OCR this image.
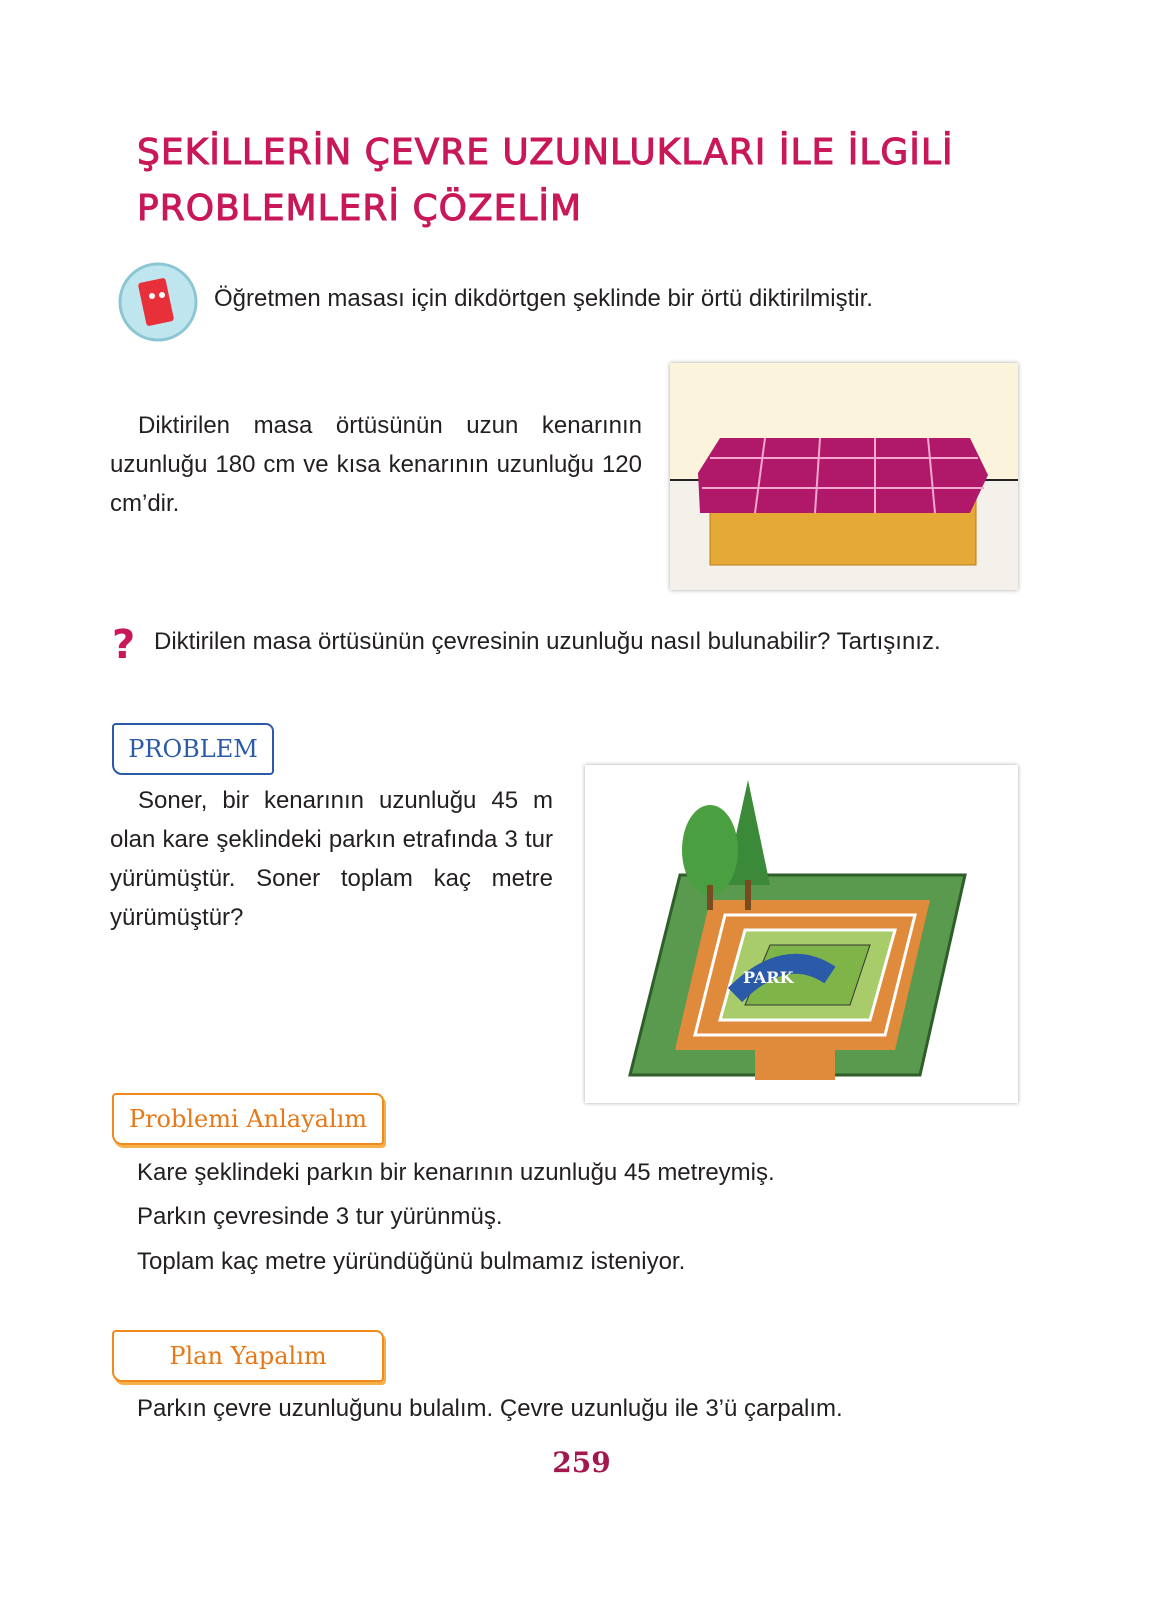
ŞEKİLLERİN ÇEVRE UZUNLUKLARI İLE İLGİLİ
PROBLEMLERİ ÇÖZELİM
Öğretmen masası için dikdörtgen şeklinde bir örtü diktirilmiştir.
Diktirilen masa örtüsünün uzun kenarının uzunluğu 180 cm ve kısa kenarının uzunluğu 120 cm’dir.
? Diktirilen masa örtüsünün çevresinin uzunluğu nasıl bulunabilir? Tartışınız.
PROBLEM
Soner, bir kenarının uzunluğu 45 m olan kare şeklindeki parkın etrafında 3 tur yürümüştür. Soner toplam kaç metre yürümüştür?
PARK
Problemi Anlayalım
Kare şeklindeki parkın bir kenarının uzunluğu 45 metreymiş.
Parkın çevresinde 3 tur yürünmüş.
Toplam kaç metre yüründüğünü bulmamız isteniyor.
Plan Yapalım
Parkın çevre uzunluğunu bulalım. Çevre uzunluğu ile 3’ü çarpalım.
259
